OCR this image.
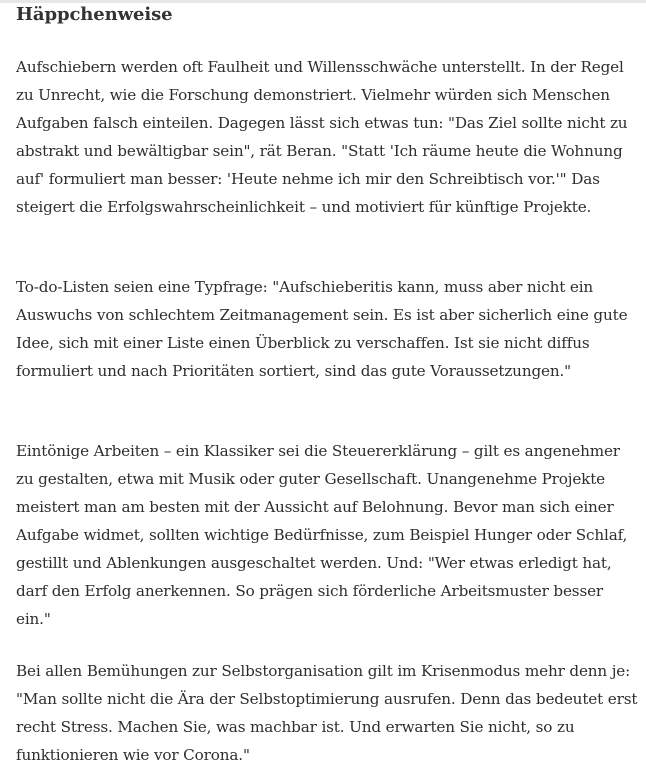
Häppchenweise

Aufschiebern werden oft Faulheit und Willensschwäche unterstellt. In der Regel zu Unrecht, wie die Forschung demonstriert. Vielmehr würden sich Menschen Aufgaben falsch einteilen. Dagegen lässt sich etwas tun: "Das Ziel sollte nicht zu abstrakt und bewältigbar sein", rät Beran. "Statt 'Ich räume heute die Wohnung auf' formuliert man besser: 'Heute nehme ich mir den Schreibtisch vor.'" Das steigert die Erfolgswahrscheinlichkeit – und motiviert für künftige Projekte.

To-do-Listen seien eine Typfrage: "Aufschieberitis kann, muss aber nicht ein Auswuchs von schlechtem Zeitmanagement sein. Es ist aber sicherlich eine gute Idee, sich mit einer Liste einen Überblick zu verschaffen. Ist sie nicht diffus formuliert und nach Prioritäten sortiert, sind das gute Voraussetzungen."

Eintönige Arbeiten – ein Klassiker sei die Steuererklärung – gilt es angenehmer zu gestalten, etwa mit Musik oder guter Gesellschaft. Unangenehme Projekte meistert man am besten mit der Aussicht auf Belohnung. Bevor man sich einer Aufgabe widmet, sollten wichtige Bedürfnisse, zum Beispiel Hunger oder Schlaf, gestillt und Ablenkungen ausgeschaltet werden. Und: "Wer etwas erledigt hat, darf den Erfolg anerkennen. So prägen sich förderliche Arbeitsmuster besser ein."

Bei allen Bemühungen zur Selbstorganisation gilt im Krisenmodus mehr denn je: "Man sollte nicht die Ära der Selbstoptimierung ausrufen. Denn das bedeutet erst recht Stress. Machen Sie, was machbar ist. Und erwarten Sie nicht, so zu funktionieren wie vor Corona."
